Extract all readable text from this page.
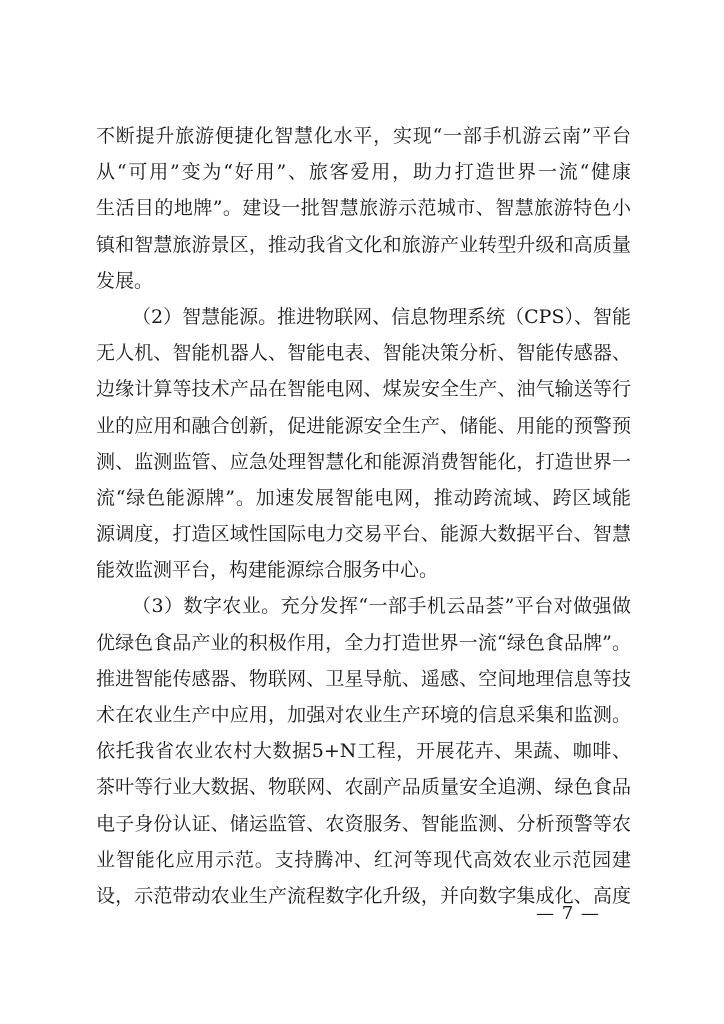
不断提升旅游便捷化智慧化水平，实现“一部手机游云南”平台
从“可用”变为“好用”、旅客爱用，助力打造世界一流“健康
生活目的地牌”。建设一批智慧旅游示范城市、智慧旅游特色小
镇和智慧旅游景区，推动我省文化和旅游产业转型升级和高质量
发展。
（2）智慧能源。推进物联网、信息物理系统（CPS）、智能
无人机、智能机器人、智能电表、智能决策分析、智能传感器、
边缘计算等技术产品在智能电网、煤炭安全生产、油气输送等行
业的应用和融合创新，促进能源安全生产、储能、用能的预警预
测、监测监管、应急处理智慧化和能源消费智能化，打造世界一
流“绿色能源牌”。加速发展智能电网，推动跨流域、跨区域能
源调度，打造区域性国际电力交易平台、能源大数据平台、智慧
能效监测平台，构建能源综合服务中心。
（3）数字农业。充分发挥“一部手机云品荟”平台对做强做
优绿色食品产业的积极作用，全力打造世界一流“绿色食品牌”。
推进智能传感器、物联网、卫星导航、遥感、空间地理信息等技
术在农业生产中应用，加强对农业生产环境的信息采集和监测。
依托我省农业农村大数据5+N工程，开展花卉、果蔬、咖啡、
茶叶等行业大数据、物联网、农副产品质量安全追溯、绿色食品
电子身份认证、储运监管、农资服务、智能监测、分析预警等农
业智能化应用示范。支持腾冲、红河等现代高效农业示范园建
设，示范带动农业生产流程数字化升级，并向数字集成化、高度
— 7 —
